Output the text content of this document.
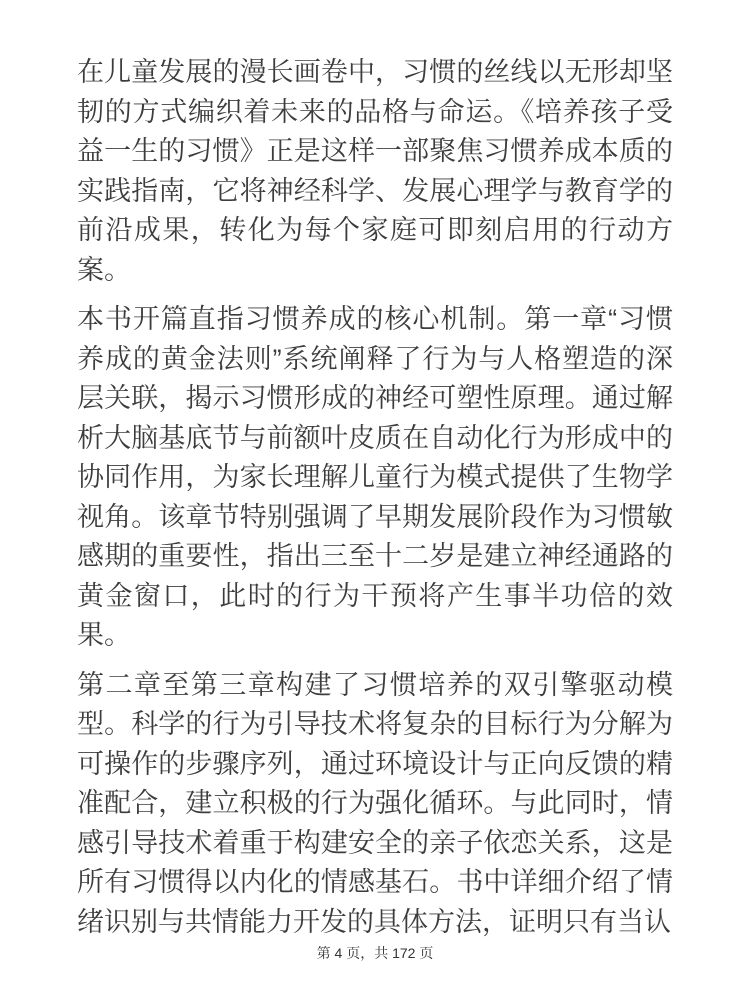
在儿童发展的漫长画卷中，习惯的丝线以无形却坚韧的方式编织着未来的品格与命运。《培养孩子受益一生的习惯》正是这样一部聚焦习惯养成本质的实践指南，它将神经科学、发展心理学与教育学的前沿成果，转化为每个家庭可即刻启用的行动方案。

本书开篇直指习惯养成的核心机制。第一章“习惯养成的黄金法则”系统阐释了行为与人格塑造的深层关联，揭示习惯形成的神经可塑性原理。通过解析大脑基底节与前额叶皮质在自动化行为形成中的协同作用，为家长理解儿童行为模式提供了生物学视角。该章节特别强调了早期发展阶段作为习惯敏感期的重要性，指出三至十二岁是建立神经通路的黄金窗口，此时的行为干预将产生事半功倍的效果。

第二章至第三章构建了习惯培养的双引擎驱动模型。科学的行为引导技术将复杂的目标行为分解为可操作的步骤序列，通过环境设计与正向反馈的精准配合，建立积极的行为强化循环。与此同时，情感引导技术着重于构建安全的亲子依恋关系，这是所有习惯得以内化的情感基石。书中详细介绍了情绪识别与共情能力开发的具体方法，证明只有当认

第 4 页，共 172 页
